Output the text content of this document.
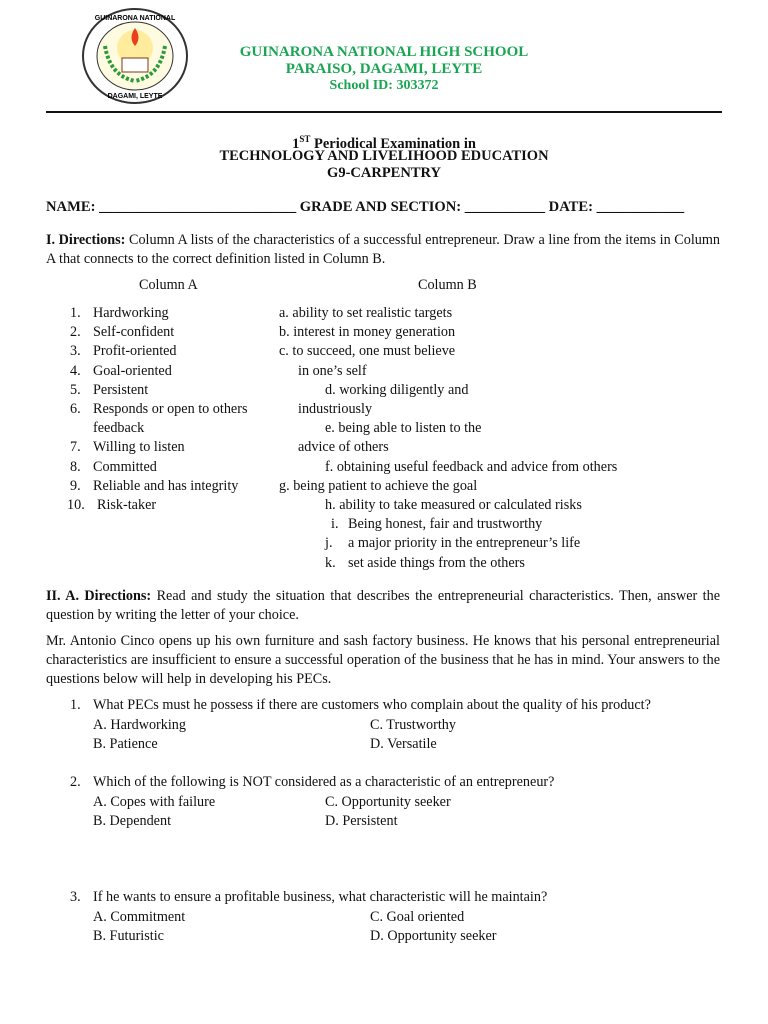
GUINARONA NATIONAL
DAGAMI, LEYTE
GUINARONA NATIONAL HIGH SCHOOL
PARAISO, DAGAMI, LEYTE
School ID: 303372
1ST Periodical Examination in
TECHNOLOGY AND LIVELIHOOD EDUCATION
G9-CARPENTRY
NAME: ___________________________ GRADE AND SECTION: ___________ DATE: ____________
I. Directions: Column A lists of the characteristics of a successful entrepreneur. Draw a line from the items in Column A that connects to the correct definition listed in Column B.
Column A	Column B
1. Hardworking
2. Self-confident
3. Profit-oriented
4. Goal-oriented
5. Persistent
6. Responds or open to others
feedback
7. Willing to listen
8. Committed
9. Reliable and has integrity
10. Risk-taker
a. ability to set realistic targets
b. interest in money generation
c. to succeed, one must believe
in one’s self
d. working diligently and
industriously
e. being able to listen to the
advice of others
f. obtaining useful feedback and advice from others
g. being patient to achieve the goal
h. ability to take measured or calculated risks
i. Being honest, fair and trustworthy
j. a major priority in the entrepreneur’s life
k. set aside things from the others
II. A. Directions: Read and study the situation that describes the entrepreneurial characteristics. Then, answer the question by writing the letter of your choice.
Mr. Antonio Cinco opens up his own furniture and sash factory business. He knows that his personal entrepreneurial characteristics are insufficient to ensure a successful operation of the business that he has in mind. Your answers to the questions below will help in developing his PECs.
1. What PECs must he possess if there are customers who complain about the quality of his product?
A. Hardworking	C. Trustworthy
B. Patience	D. Versatile
2. Which of the following is NOT considered as a characteristic of an entrepreneur?
A. Copes with failure	C. Opportunity seeker
B. Dependent	D. Persistent
3. If he wants to ensure a profitable business, what characteristic will he maintain?
A. Commitment	C. Goal oriented
B. Futuristic	D. Opportunity seeker
